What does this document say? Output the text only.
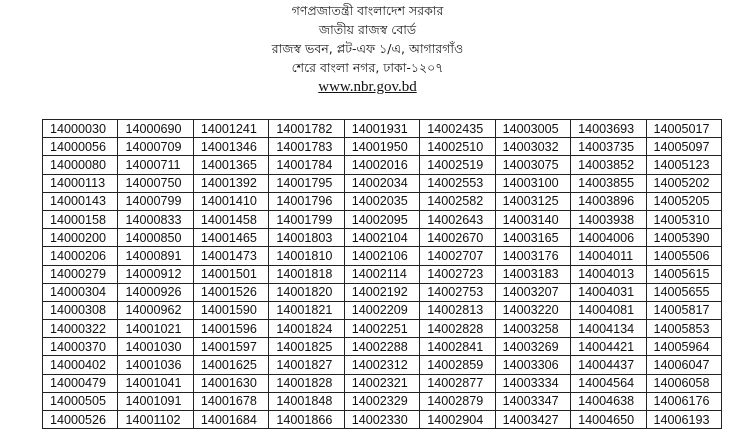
গণপ্রজাতন্ত্রী বাংলাদেশ সরকার
জাতীয় রাজস্ব বোর্ড
রাজস্ব ভবন, প্লট-এফ ১/এ, আগারগাঁও
শেরে বাংলা নগর, ঢাকা-১২০৭
www.nbr.gov.bd
14000030	14000690	14001241	14001782	14001931	14002435	14003005	14003693	14005017
14000056	14000709	14001346	14001783	14001950	14002510	14003032	14003735	14005097
14000080	14000711	14001365	14001784	14002016	14002519	14003075	14003852	14005123
14000113	14000750	14001392	14001795	14002034	14002553	14003100	14003855	14005202
14000143	14000799	14001410	14001796	14002035	14002582	14003125	14003896	14005205
14000158	14000833	14001458	14001799	14002095	14002643	14003140	14003938	14005310
14000200	14000850	14001465	14001803	14002104	14002670	14003165	14004006	14005390
14000206	14000891	14001473	14001810	14002106	14002707	14003176	14004011	14005506
14000279	14000912	14001501	14001818	14002114	14002723	14003183	14004013	14005615
14000304	14000926	14001526	14001820	14002192	14002753	14003207	14004031	14005655
14000308	14000962	14001590	14001821	14002209	14002813	14003220	14004081	14005817
14000322	14001021	14001596	14001824	14002251	14002828	14003258	14004134	14005853
14000370	14001030	14001597	14001825	14002288	14002841	14003269	14004421	14005964
14000402	14001036	14001625	14001827	14002312	14002859	14003306	14004437	14006047
14000479	14001041	14001630	14001828	14002321	14002877	14003334	14004564	14006058
14000505	14001091	14001678	14001848	14002329	14002879	14003347	14004638	14006176
14000526	14001102	14001684	14001866	14002330	14002904	14003427	14004650	14006193
